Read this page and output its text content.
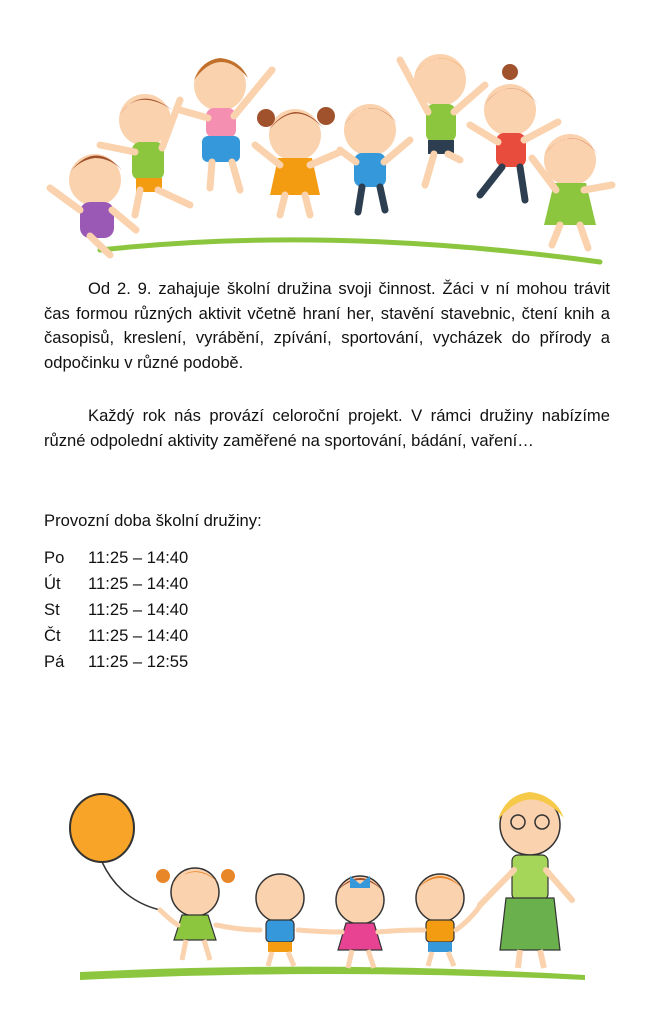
Od 2. 9. zahajuje školní družina svoji činnost. Žáci v ní mohou trávit čas formou různých aktivit včetně hraní her, stavění stavebnic, čtení knih a časopisů, kreslení, vyrábění, zpívání, sportování, vycházek do přírody a odpočinku v různé podobě.

Každý rok nás provází celoroční projekt. V rámci družiny nabízíme různé odpolední aktivity zaměřené na sportování, bádání, vaření…

Provozní doba školní družiny:
Po	11:25 – 14:40
Út	11:25 – 14:40
St	11:25 – 14:40
Čt	11:25 – 14:40
Pá	11:25 – 12:55
